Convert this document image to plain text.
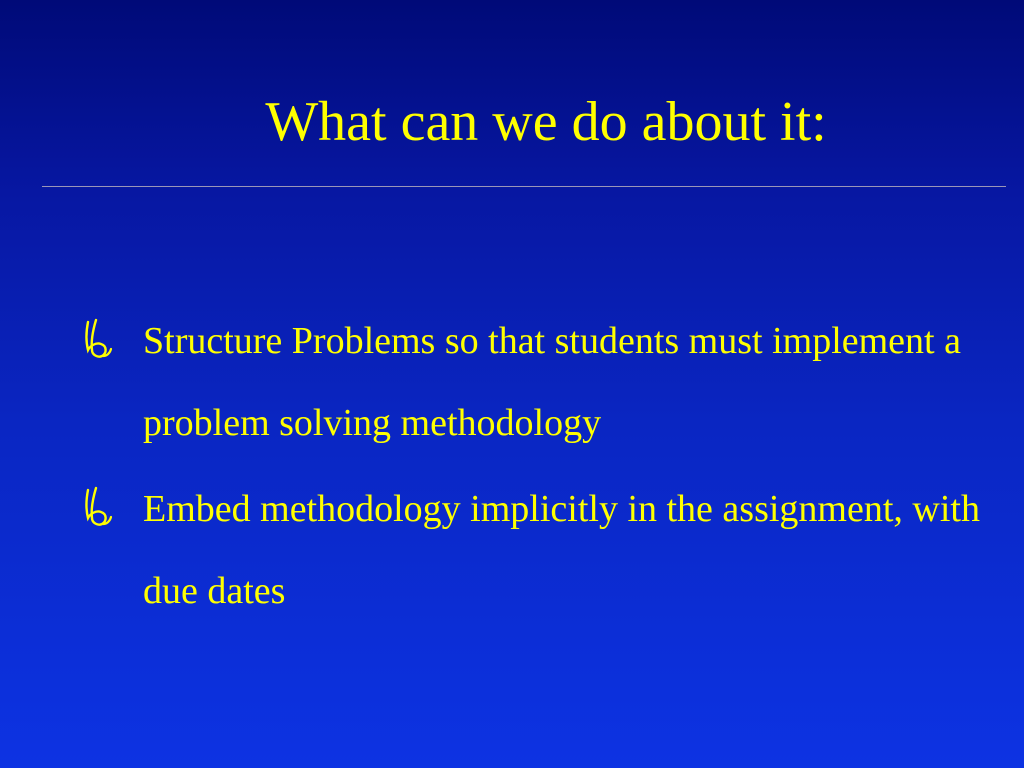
What can we do about it:
Structure Problems so that students must implement a problem solving methodology
Embed methodology implicitly in the assignment, with due dates
